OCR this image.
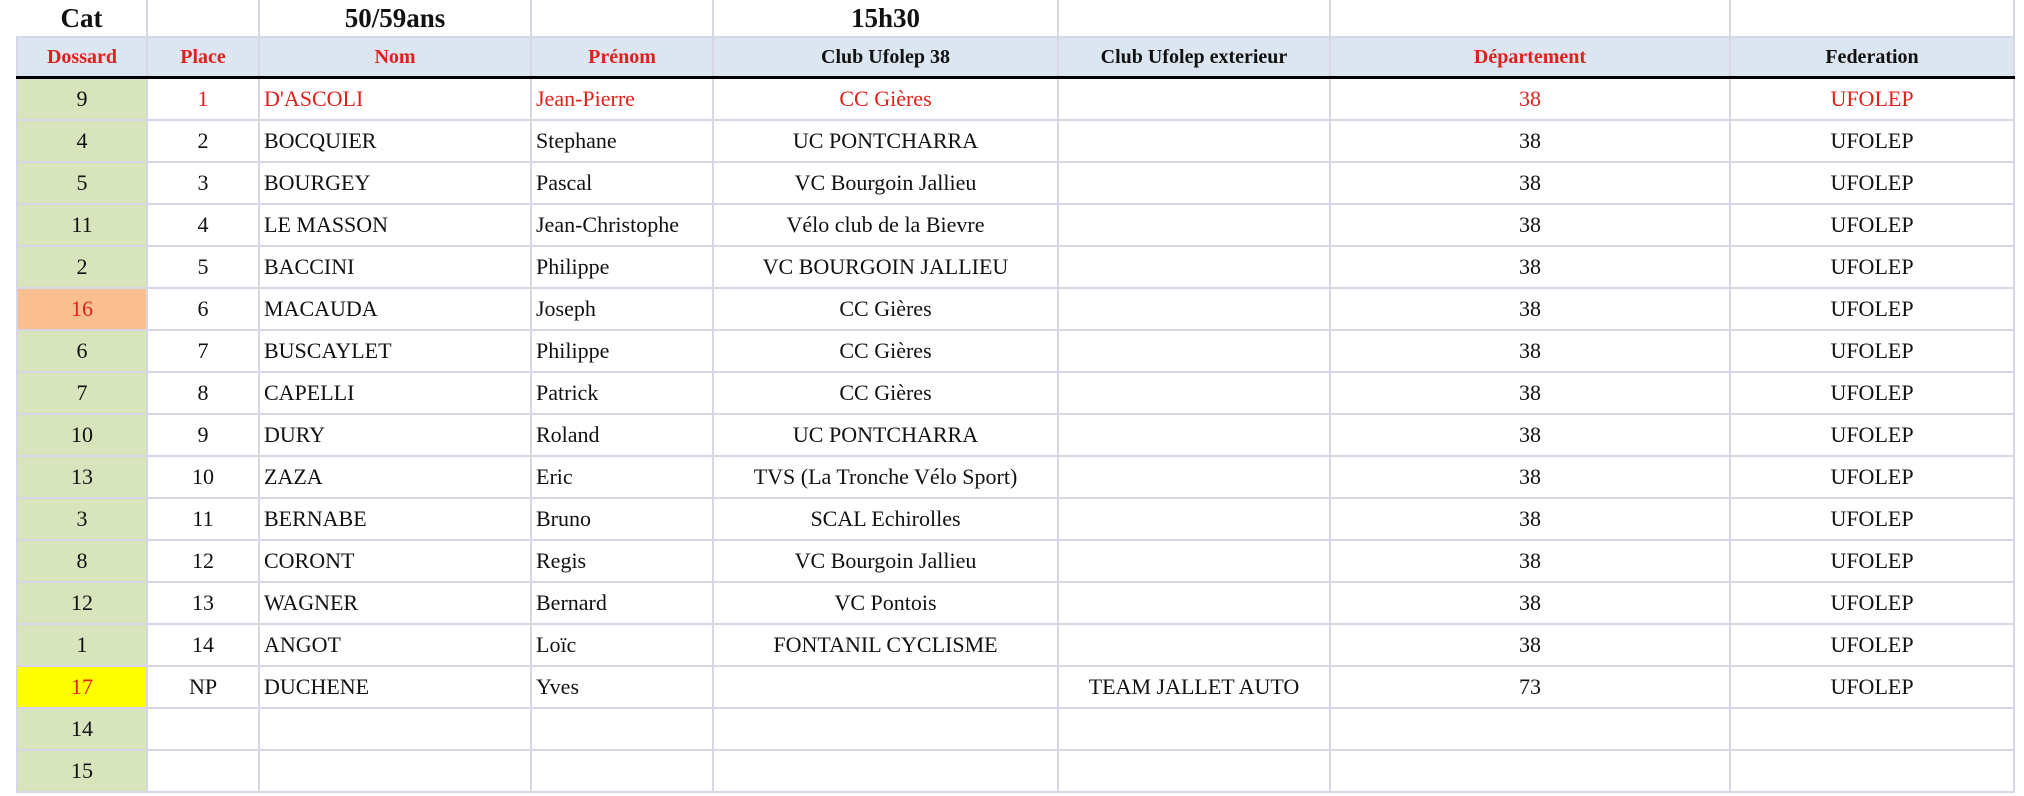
Cat		50/59ans		15h30			
Dossard	Place	Nom	Prénom	Club Ufolep 38	Club Ufolep exterieur	Département	Federation
9	1	D'ASCOLI	Jean-Pierre	CC Gières		38	UFOLEP
4	2	BOCQUIER	Stephane	UC PONTCHARRA		38	UFOLEP
5	3	BOURGEY	Pascal	VC Bourgoin Jallieu		38	UFOLEP
11	4	LE MASSON	Jean-Christophe	Vélo club de la Bievre		38	UFOLEP
2	5	BACCINI	Philippe	VC BOURGOIN JALLIEU		38	UFOLEP
16	6	MACAUDA	Joseph	CC Gières		38	UFOLEP
6	7	BUSCAYLET	Philippe	CC Gières		38	UFOLEP
7	8	CAPELLI	Patrick	CC Gières		38	UFOLEP
10	9	DURY	Roland	UC PONTCHARRA		38	UFOLEP
13	10	ZAZA	Eric	TVS (La Tronche Vélo Sport)		38	UFOLEP
3	11	BERNABE	Bruno	SCAL Echirolles		38	UFOLEP
8	12	CORONT	Regis	VC Bourgoin Jallieu		38	UFOLEP
12	13	WAGNER	Bernard	VC Pontois		38	UFOLEP
1	14	ANGOT	Loïc	FONTANIL CYCLISME		38	UFOLEP
17	NP	DUCHENE	Yves		TEAM JALLET AUTO	73	UFOLEP
14							
15							
